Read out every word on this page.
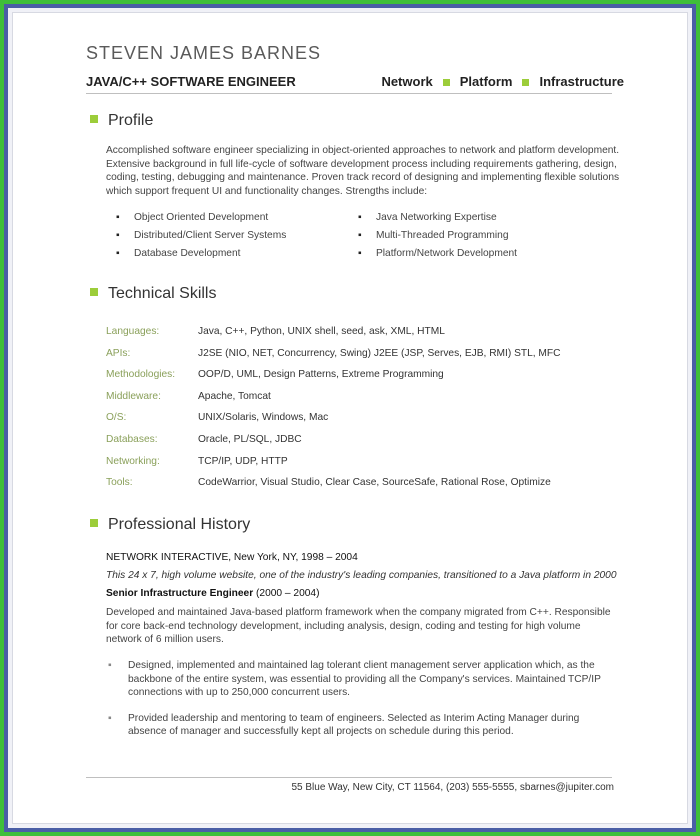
STEVEN JAMES BARNES
JAVA/C++ SOFTWARE ENGINEER	Network Platform Infrastructure
Profile
Accomplished software engineer specializing in object-oriented approaches to network and platform development. Extensive background in full life-cycle of software development process including requirements gathering, design, coding, testing, debugging and maintenance. Proven track record of designing and implementing flexible solutions which support frequent UI and functionality changes. Strengths include:
▪ Object Oriented Development
▪ Distributed/Client Server Systems
▪ Database Development
▪ Java Networking Expertise
▪ Multi-Threaded Programming
▪ Platform/Network Development
Technical Skills
Languages:	Java, C++, Python, UNIX shell, seed, ask, XML, HTML
APIs:	J2SE (NIO, NET, Concurrency, Swing) J2EE (JSP, Serves, EJB, RMI) STL, MFC
Methodologies: OOP/D, UML, Design Patterns, Extreme Programming
Middleware:	Apache, Tomcat
O/S:	UNIX/Solaris, Windows, Mac
Databases:	Oracle, PL/SQL, JDBC
Networking:	TCP/IP, UDP, HTTP
Tools:	CodeWarrior, Visual Studio, Clear Case, SourceSafe, Rational Rose, Optimize
Professional History
NETWORK INTERACTIVE, New York, NY, 1998 – 2004
This 24 x 7, high volume website, one of the industry's leading companies, transitioned to a Java platform in 2000
Senior Infrastructure Engineer (2000 – 2004)
Developed and maintained Java-based platform framework when the company migrated from C++. Responsible for core back-end technology development, including analysis, design, coding and testing for high volume network of 6 million users.
▪ Designed, implemented and maintained lag tolerant client management server application which, as the backbone of the entire system, was essential to providing all the Company's services. Maintained TCP/IP connections with up to 250,000 concurrent users.
▪ Provided leadership and mentoring to team of engineers. Selected as Interim Acting Manager during absence of manager and successfully kept all projects on schedule during this period.
55 Blue Way, New City, CT 11564, (203) 555-5555, sbarnes@jupiter.com
